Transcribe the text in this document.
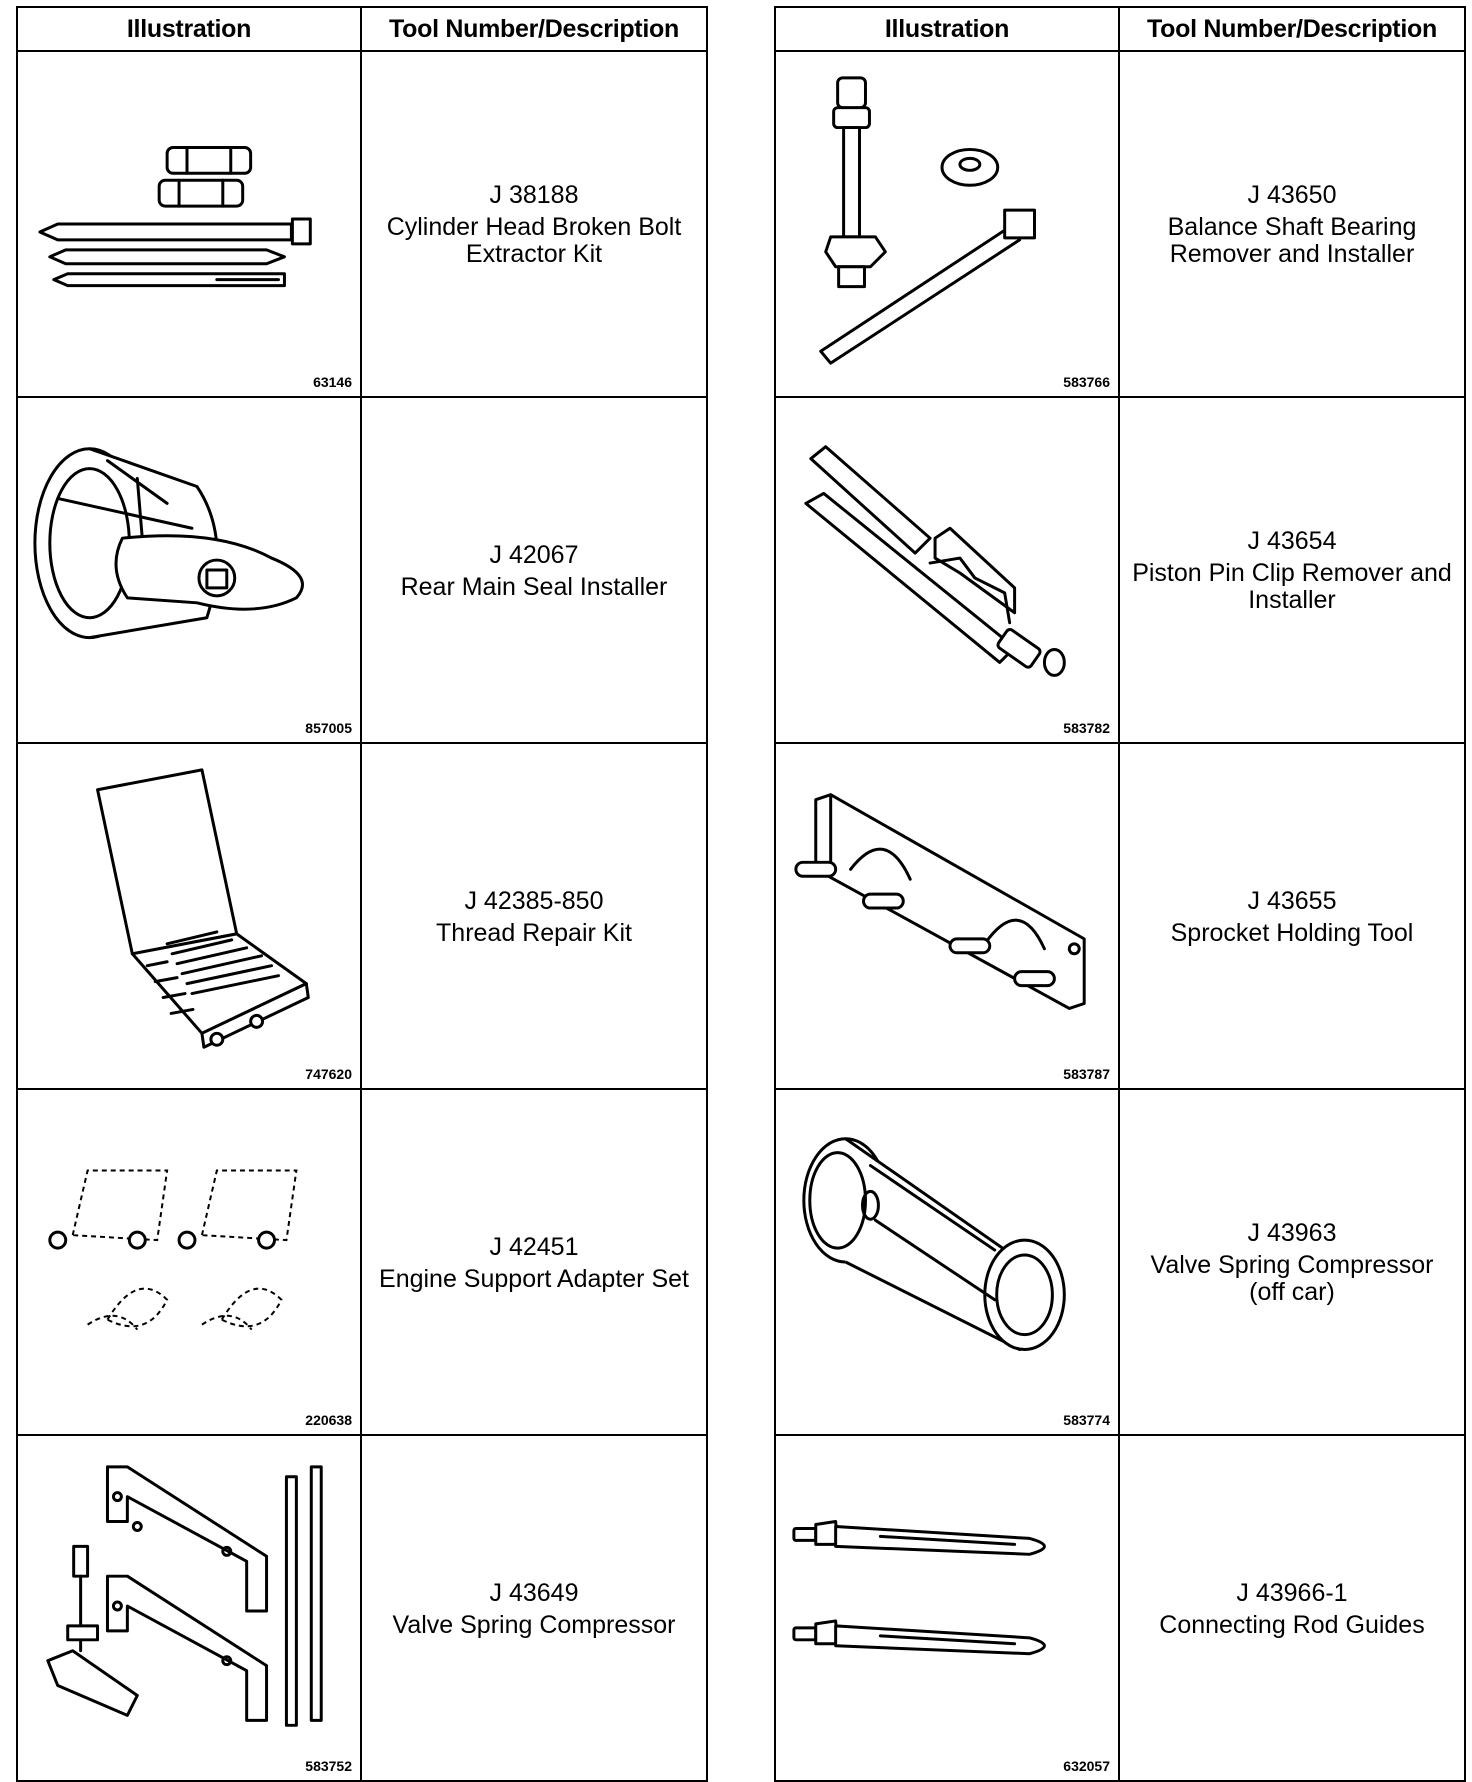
Illustration	Tool Number/Description

63146	J 38188
Cylinder Head Broken Bolt Extractor Kit

857005	J 42067
Rear Main Seal Installer

747620	J 42385-850
Thread Repair Kit

220638	J 42451
Engine Support Adapter Set

583752	J 43649
Valve Spring Compressor
Illustration	Tool Number/Description

583766	J 43650
Balance Shaft Bearing Remover and Installer

583782	J 43654
Piston Pin Clip Remover and Installer

583787	J 43655
Sprocket Holding Tool

583774	J 43963
Valve Spring Compressor (off car)

632057	J 43966-1
Connecting Rod Guides
